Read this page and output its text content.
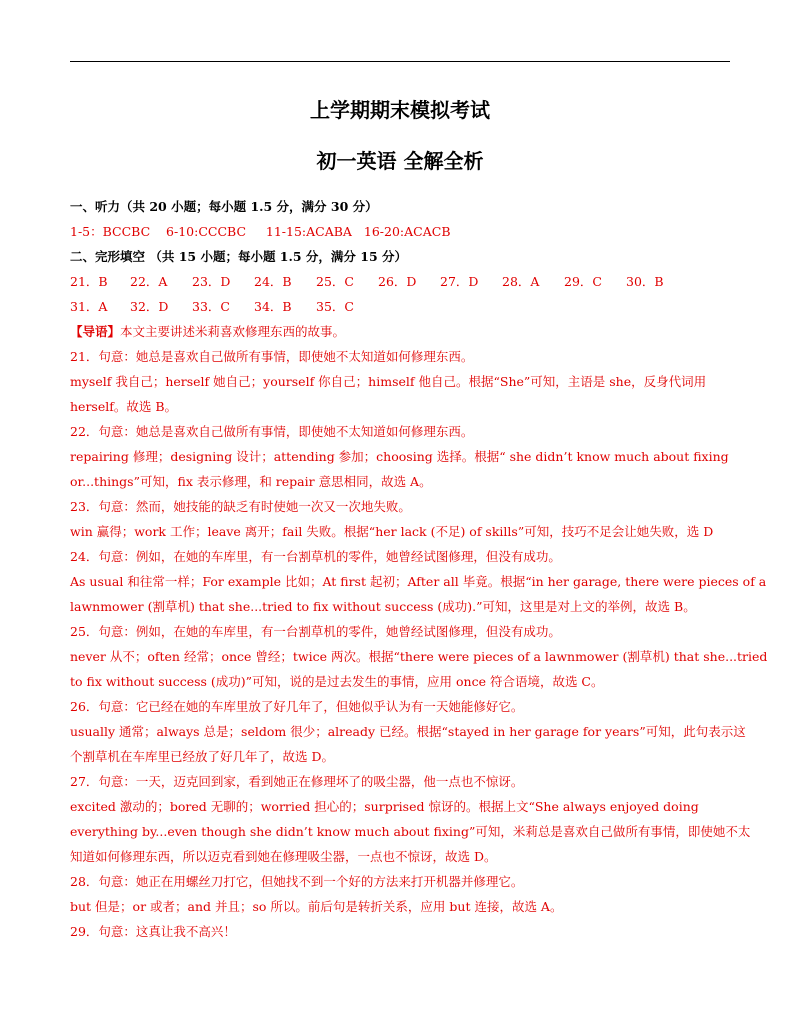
上学期期末模拟考试
初一英语 全解全析
一、听力（共 20 小题；每小题 1.5 分，满分 30 分）
1-5：BCCBC    6-10:CCCBC     11-15:ACABA   16-20:ACACB
二、完形填空 （共 15 小题；每小题 1.5 分，满分 15 分）
21．B 22．A 23．D 24．B 25．C 26．D 27．D 28．A 29．C 30．B
31．A 32．D 33．C 34．B 35．C
【导语】本文主要讲述米莉喜欢修理东西的故事。
21．句意：她总是喜欢自己做所有事情，即使她不太知道如何修理东西。
myself 我自己；herself 她自己；yourself 你自己；himself 他自己。根据“She”可知，主语是 she，反身代词用
herself。故选 B。
22．句意：她总是喜欢自己做所有事情，即使她不太知道如何修理东西。
repairing 修理；designing 设计；attending 参加；choosing 选择。根据“ she didn’t know much about fixing
or...things”可知，fix 表示修理，和 repair 意思相同，故选 A。
23．句意：然而，她技能的缺乏有时使她一次又一次地失败。
win 赢得；work 工作；leave 离开；fail 失败。根据“her lack (不足) of skills”可知，技巧不足会让她失败，选 D
24．句意：例如，在她的车库里，有一台割草机的零件，她曾经试图修理，但没有成功。
As usual 和往常一样；For example 比如；At first 起初；After all 毕竟。根据“in her garage, there were pieces of a
lawnmower (割草机) that she...tried to fix without success (成功).”可知，这里是对上文的举例，故选 B。
25．句意：例如，在她的车库里，有一台割草机的零件，她曾经试图修理，但没有成功。
never 从不；often 经常；once 曾经；twice 两次。根据“there were pieces of a lawnmower (割草机) that she...tried
to fix without success (成功)”可知，说的是过去发生的事情，应用 once 符合语境，故选 C。
26．句意：它已经在她的车库里放了好几年了，但她似乎认为有一天她能修好它。
usually 通常；always 总是；seldom 很少；already 已经。根据“stayed in her garage for years”可知，此句表示这
个割草机在车库里已经放了好几年了，故选 D。
27．句意：一天，迈克回到家，看到她正在修理坏了的吸尘器，他一点也不惊讶。
excited 激动的；bored 无聊的；worried 担心的；surprised 惊讶的。根据上文“She always enjoyed doing
everything by...even though she didn’t know much about fixing”可知，米莉总是喜欢自己做所有事情，即使她不太
知道如何修理东西，所以迈克看到她在修理吸尘器，一点也不惊讶，故选 D。
28．句意：她正在用螺丝刀打它，但她找不到一个好的方法来打开机器并修理它。
but 但是；or 或者；and 并且；so 所以。前后句是转折关系，应用 but 连接，故选 A。
29．句意：这真让我不高兴！
